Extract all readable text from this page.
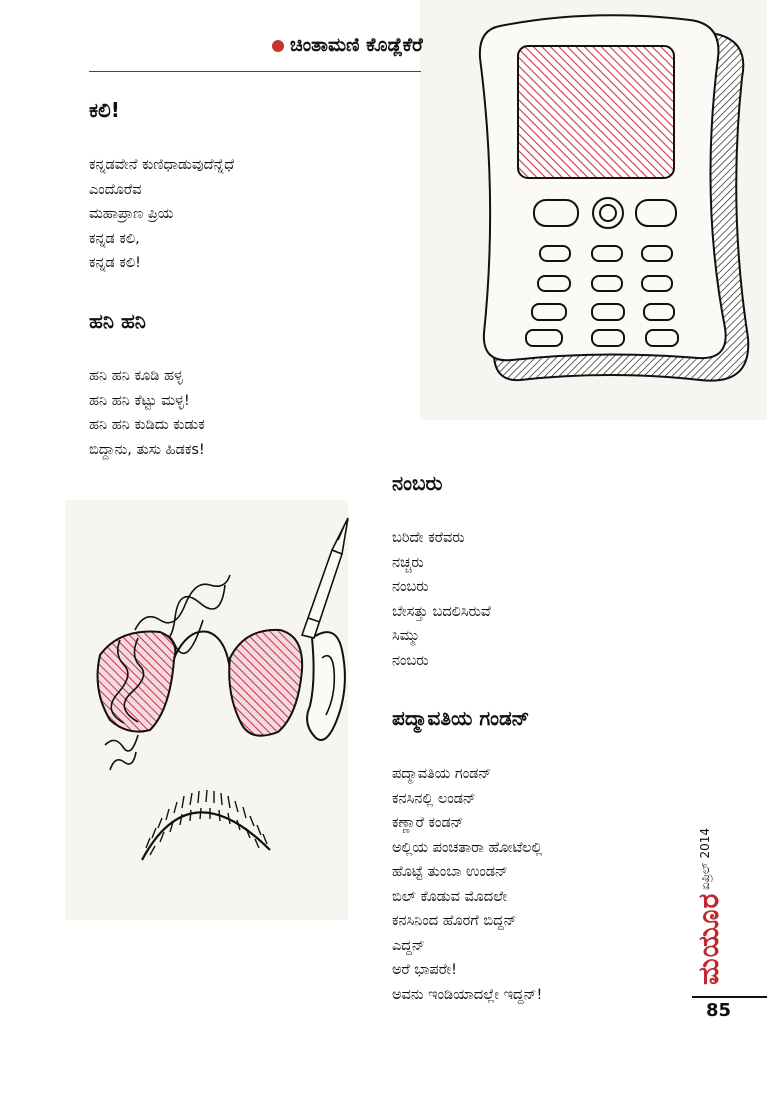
ಚಿಂತಾಮಣಿ ಕೊಡ್ಲೆಕೆರೆ
ಕಲಿ!
ಕನ್ನಡವೇನೆ ಕುಣಿಧಾಡುವುದೆನ್ನೆಧೆ
ಎಂದೊರೆವ
ಮಹಾಪ್ರಾಣ ಪ್ರಿಯ
ಕನ್ನಡ ಕಲಿ,
ಕನ್ನಡ ಕಲಿ!
ಹನಿ ಹನಿ
ಹನಿ ಹನಿ ಕೂಡಿ ಹಳ್ಳ
ಹನಿ ಹನಿ ಕೆಟ್ಟು ಮಳ್ಳ!
ಹನಿ ಹನಿ ಕುಡಿದು ಕುಡುಕ
ಬಿದ್ದಾನು, ತುಸು ಹಿಡಕs!
ನಂಬರು
ಬರಿದೇ ಕರೆವರು
ನಚ್ಚರು
ನಂಬರು
ಬೇಸತ್ತು ಬದಲಿಸಿರುವೆ
ಸಿಮ್ಮು
ನಂಬರು
ಪದ್ಮಾವತಿಯ ಗಂಡನ್
ಪದ್ಮಾವತಿಯ ಗಂಡನ್
ಕನಸಿನಲ್ಲಿ ಲಂಡನ್
ಕಣ್ಣಾರೆ ಕಂಡನ್
ಅಲ್ಲಿಯ ಪಂಚತಾರಾ ಹೋಟೆಲಲ್ಲಿ
ಹೊಟ್ಟೆ ತುಂಬಾ ಉಂಡನ್
ಬಿಲ್ ಕೊಡುವ ಮೊದಲೇ
ಕನಸಿನಿಂದ ಹೊರಗೆ ಬಿದ್ದನ್
ಎದ್ದನ್
ಅರೆ ಭಾಪರೇ!
ಅವನು ಇಂಡಿಯಾದಲ್ಲೇ ಇದ್ದನ್!
ಏಪ್ರಿಲ್ 2014
ಮಯೂರ
85
